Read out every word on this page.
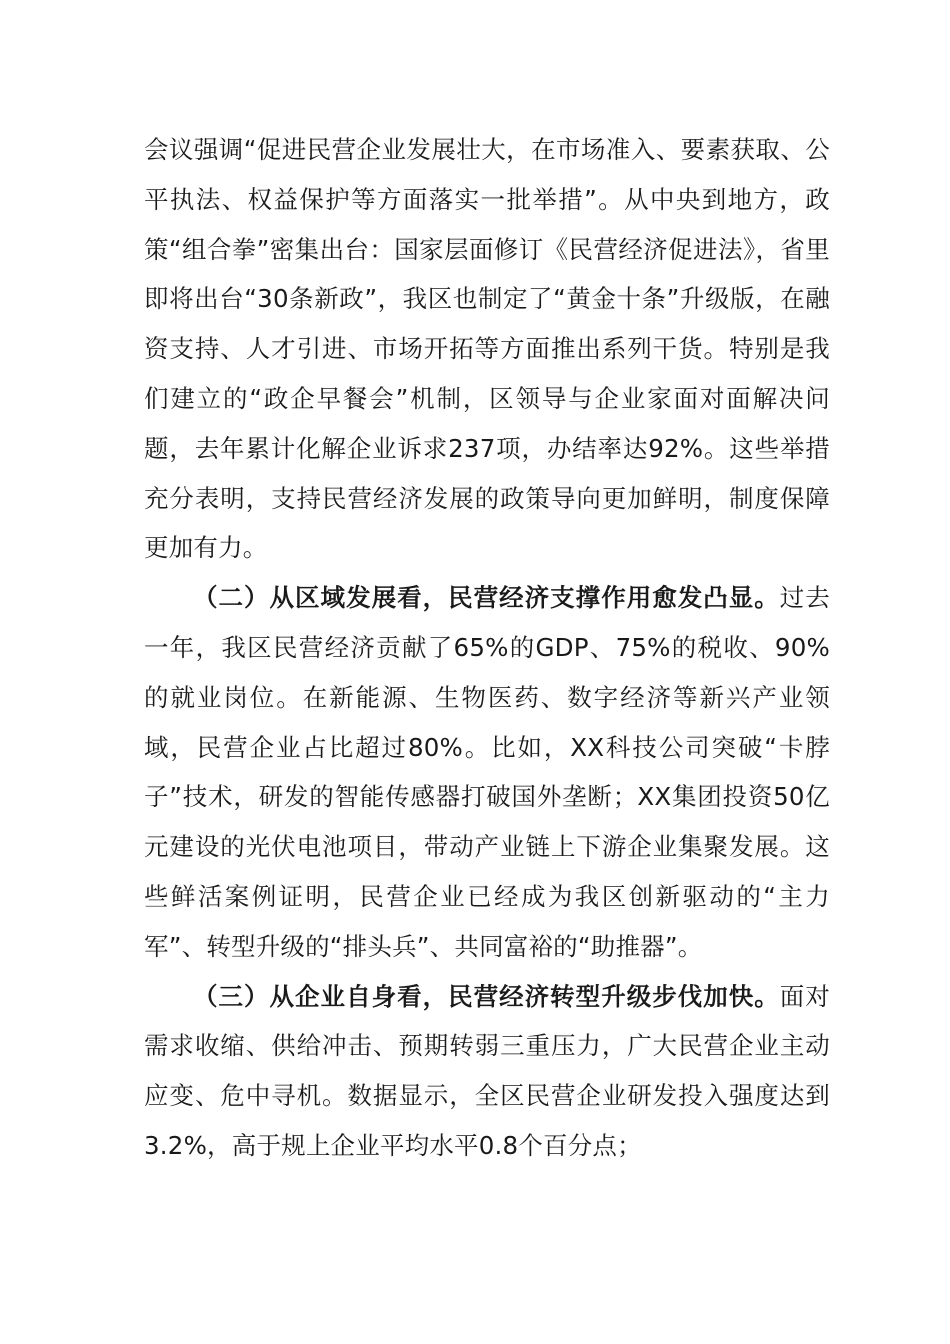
会议强调“促进民营企业发展壮大，在市场准入、要素获取、公平执法、权益保护等方面落实一批举措”。从中央到地方，政策“组合拳”密集出台：国家层面修订《民营经济促进法》，省里即将出台“30条新政”，我区也制定了“黄金十条”升级版，在融资支持、人才引进、市场开拓等方面推出系列干货。特别是我们建立的“政企早餐会”机制，区领导与企业家面对面解决问题，去年累计化解企业诉求237项，办结率达92%。这些举措充分表明，支持民营经济发展的政策导向更加鲜明，制度保障更加有力。

（二）从区域发展看，民营经济支撑作用愈发凸显。过去一年，我区民营经济贡献了65%的GDP、75%的税收、90%的就业岗位。在新能源、生物医药、数字经济等新兴产业领域，民营企业占比超过80%。比如，XX科技公司突破“卡脖子”技术，研发的智能传感器打破国外垄断；XX集团投资50亿元建设的光伏电池项目，带动产业链上下游企业集聚发展。这些鲜活案例证明，民营企业已经成为我区创新驱动的“主力军”、转型升级的“排头兵”、共同富裕的“助推器”。

（三）从企业自身看，民营经济转型升级步伐加快。面对需求收缩、供给冲击、预期转弱三重压力，广大民营企业主动应变、危中寻机。数据显示，全区民营企业研发投入强度达到3.2%，高于规上企业平均水平0.8个百分点；
